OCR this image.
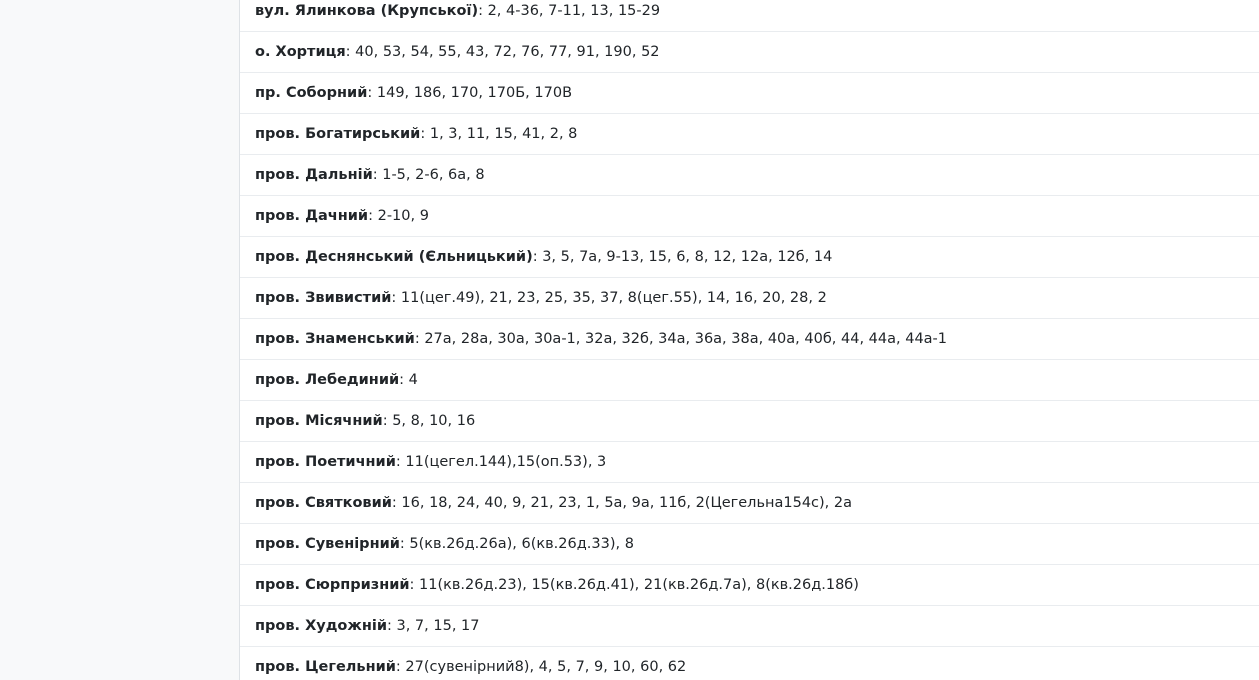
вул. Ялинкова (Крупської): 2, 4-36, 7-11, 13, 15-29
о. Хортиця: 40, 53, 54, 55, 43, 72, 76, 77, 91, 190, 52
пр. Соборний: 149, 186, 170, 170Б, 170В
пров. Богатирський: 1, 3, 11, 15, 41, 2, 8
пров. Дальній: 1-5, 2-6, 6а, 8
пров. Дачний: 2-10, 9
пров. Деснянський (Єльницький): 3, 5, 7а, 9-13, 15, 6, 8, 12, 12а, 12б, 14
пров. Звивистий: 11(цег.49), 21, 23, 25, 35, 37, 8(цег.55), 14, 16, 20, 28, 2
пров. Знаменський: 27а, 28а, 30а, 30а-1, 32а, 32б, 34а, 36а, 38а, 40а, 40б, 44, 44а, 44а-1
пров. Лебединий: 4
пров. Місячний: 5, 8, 10, 16
пров. Поетичний: 11(цегел.144),15(оп.53), 3
пров. Святковий: 16, 18, 24, 40, 9, 21, 23, 1, 5а, 9а, 11б, 2(Цегельна154с), 2а
пров. Сувенірний: 5(кв.26д.26а), 6(кв.26д.33), 8
пров. Сюрпризний: 11(кв.26д.23), 15(кв.26д.41), 21(кв.26д.7а), 8(кв.26д.18б)
пров. Художній: 3, 7, 15, 17
пров. Цегельний: 27(сувенірний8), 4, 5, 7, 9, 10, 60, 62
